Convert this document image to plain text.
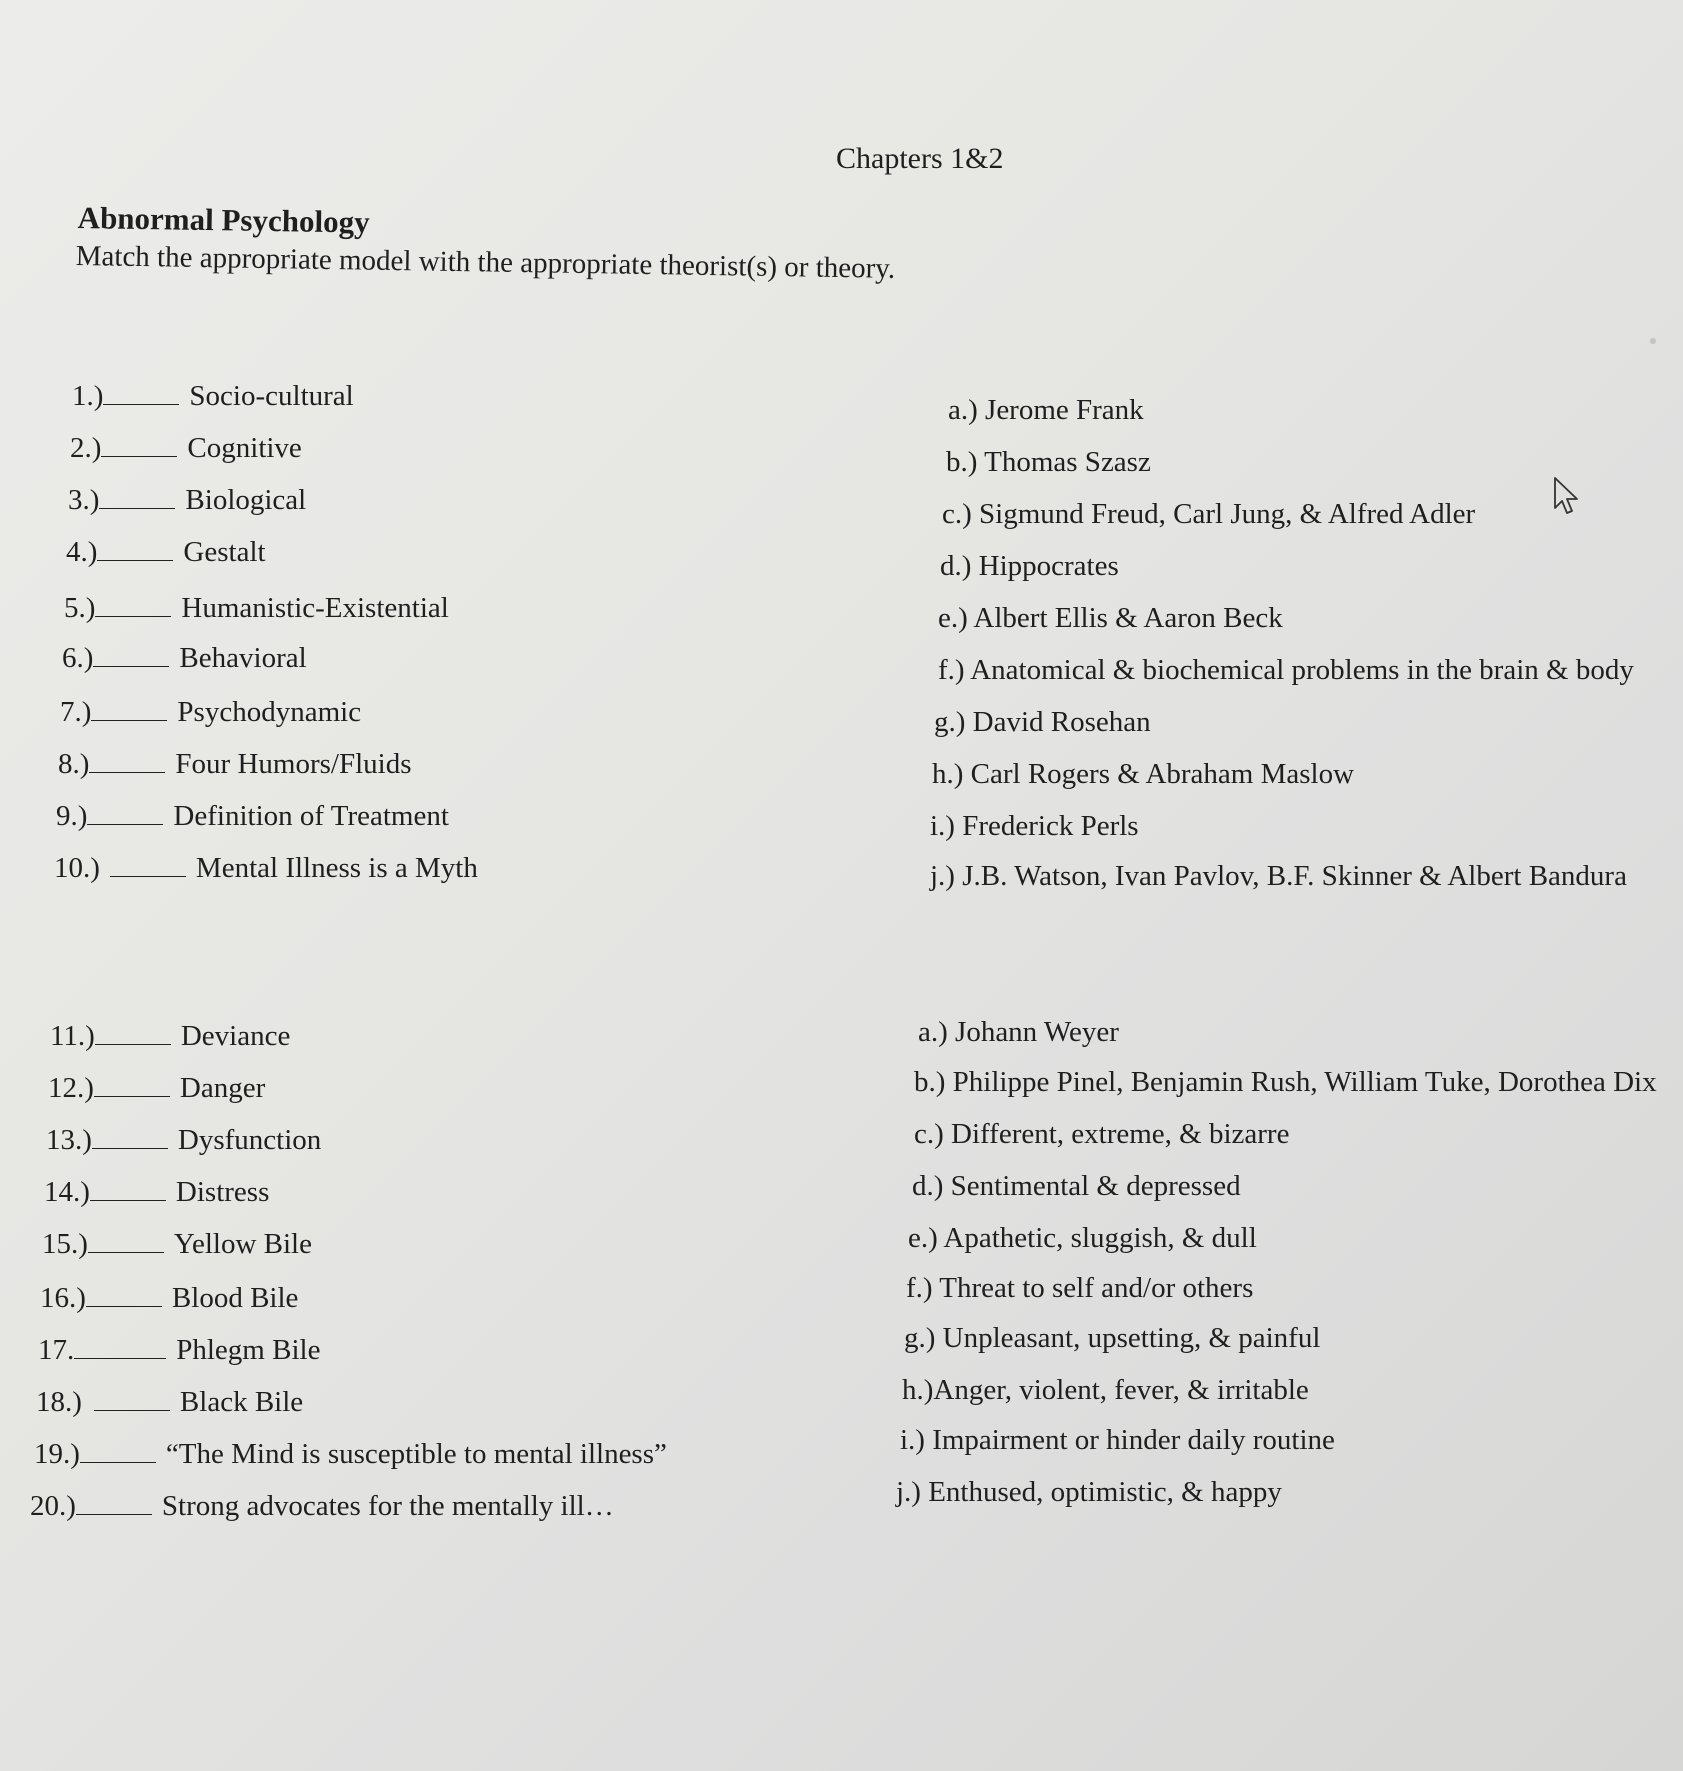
Chapters 1&2
Abnormal Psychology
Match the appropriate model with the appropriate theorist(s) or theory.
1.)	Socio-cultural
2.)	Cognitive
3.)	Biological
4.)	Gestalt
5.)	Humanistic-Existential
6.)	Behavioral
7.)	Psychodynamic
8.)	Four Humors/Fluids
9.)	Definition of Treatment
10.)	Mental Illness is a Myth
a.) Jerome Frank
b.) Thomas Szasz
c.) Sigmund Freud, Carl Jung, & Alfred Adler
d.) Hippocrates
e.) Albert Ellis & Aaron Beck
f.) Anatomical & biochemical problems in the brain & body
g.) David Rosehan
h.) Carl Rogers & Abraham Maslow
i.) Frederick Perls
j.) J.B. Watson, Ivan Pavlov, B.F. Skinner & Albert Bandura
11.)	Deviance
12.)	Danger
13.)	Dysfunction
14.)	Distress
15.)	Yellow Bile
16.)	Blood Bile
17.	Phlegm Bile
18.)	Black Bile
19.)	“The Mind is susceptible to mental illness”
20.)	Strong advocates for the mentally ill…
a.) Johann Weyer
b.) Philippe Pinel, Benjamin Rush, William Tuke, Dorothea Dix
c.) Different, extreme, & bizarre
d.) Sentimental & depressed
e.) Apathetic, sluggish, & dull
f.) Threat to self and/or others
g.) Unpleasant, upsetting, & painful
h.)Anger, violent, fever, & irritable
i.) Impairment or hinder daily routine
j.) Enthused, optimistic, & happy
